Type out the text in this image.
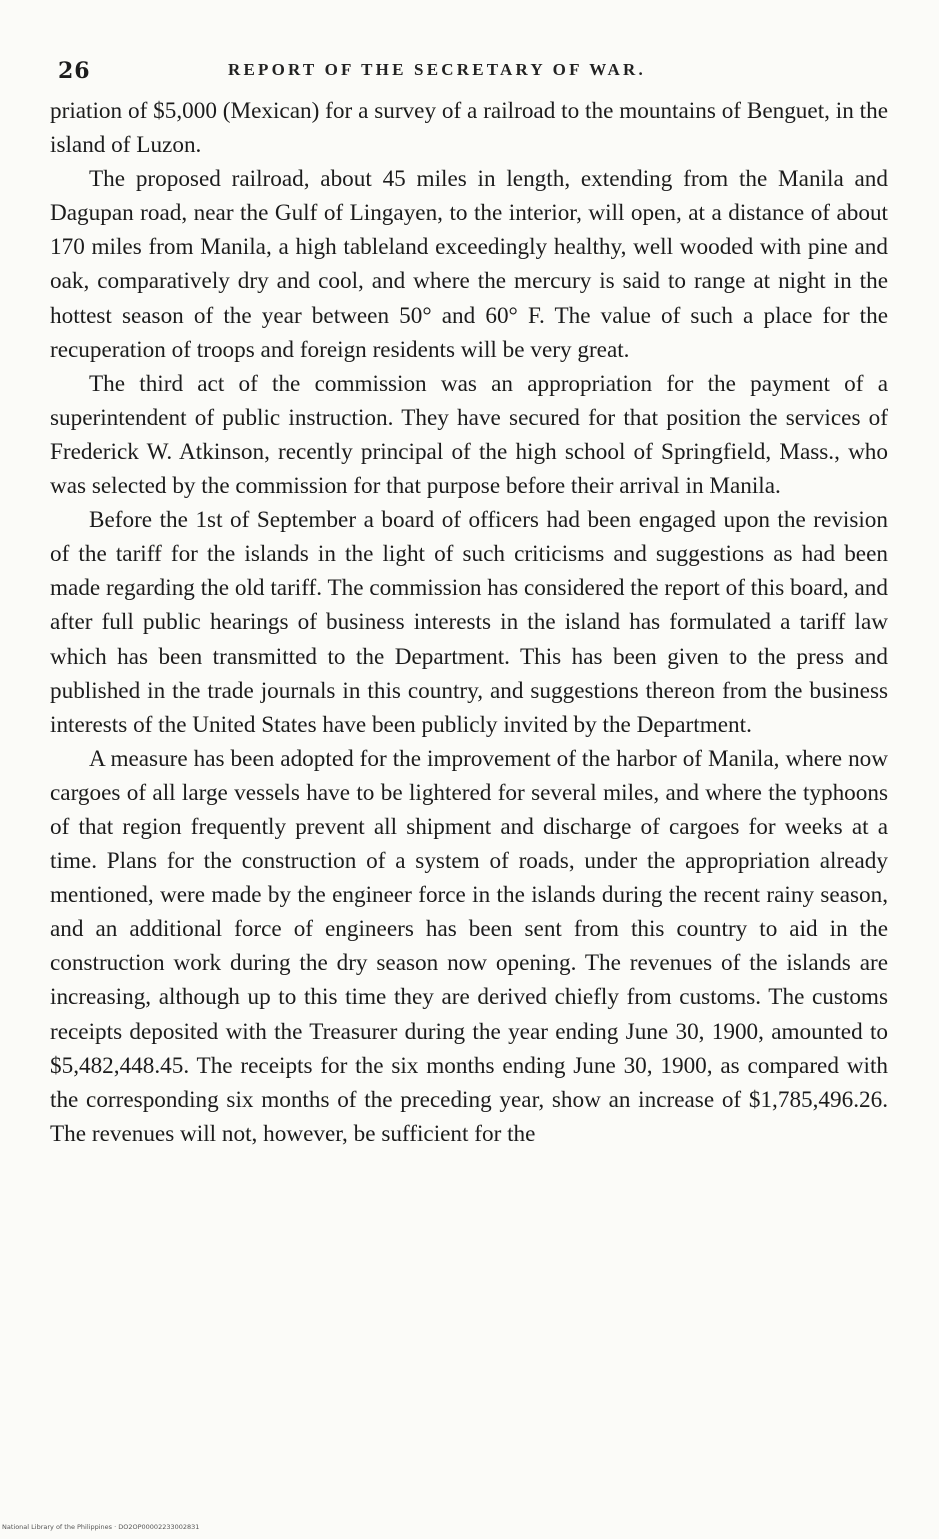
26	REPORT OF THE SECRETARY OF WAR.

priation of $5,000 (Mexican) for a survey of a railroad to the mountains of Benguet, in the island of Luzon.

The proposed railroad, about 45 miles in length, extending from the Manila and Dagupan road, near the Gulf of Lingayen, to the interior, will open, at a distance of about 170 miles from Manila, a high tableland exceedingly healthy, well wooded with pine and oak, comparatively dry and cool, and where the mercury is said to range at night in the hottest season of the year between 50° and 60° F. The value of such a place for the recuperation of troops and foreign residents will be very great.

The third act of the commission was an appropriation for the payment of a superintendent of public instruction. They have secured for that position the services of Frederick W. Atkinson, recently principal of the high school of Springfield, Mass., who was selected by the commission for that purpose before their arrival in Manila.

Before the 1st of September a board of officers had been engaged upon the revision of the tariff for the islands in the light of such criticisms and suggestions as had been made regarding the old tariff. The commission has considered the report of this board, and after full public hearings of business interests in the island has formulated a tariff law which has been transmitted to the Department. This has been given to the press and published in the trade journals in this country, and suggestions thereon from the business interests of the United States have been publicly invited by the Department.

A measure has been adopted for the improvement of the harbor of Manila, where now cargoes of all large vessels have to be lightered for several miles, and where the typhoons of that region frequently prevent all shipment and discharge of cargoes for weeks at a time. Plans for the construction of a system of roads, under the appropriation already mentioned, were made by the engineer force in the islands during the recent rainy season, and an additional force of engineers has been sent from this country to aid in the construction work during the dry season now opening. The revenues of the islands are increasing, although up to this time they are derived chiefly from customs. The customs receipts deposited with the Treasurer during the year ending June 30, 1900, amounted to $5,482,448.45. The receipts for the six months ending June 30, 1900, as compared with the corresponding six months of the preceding year, show an increase of $1,785,496.26. The revenues will not, however, be sufficient for the

National Library of the Philippines · DO2OP00002233002831
